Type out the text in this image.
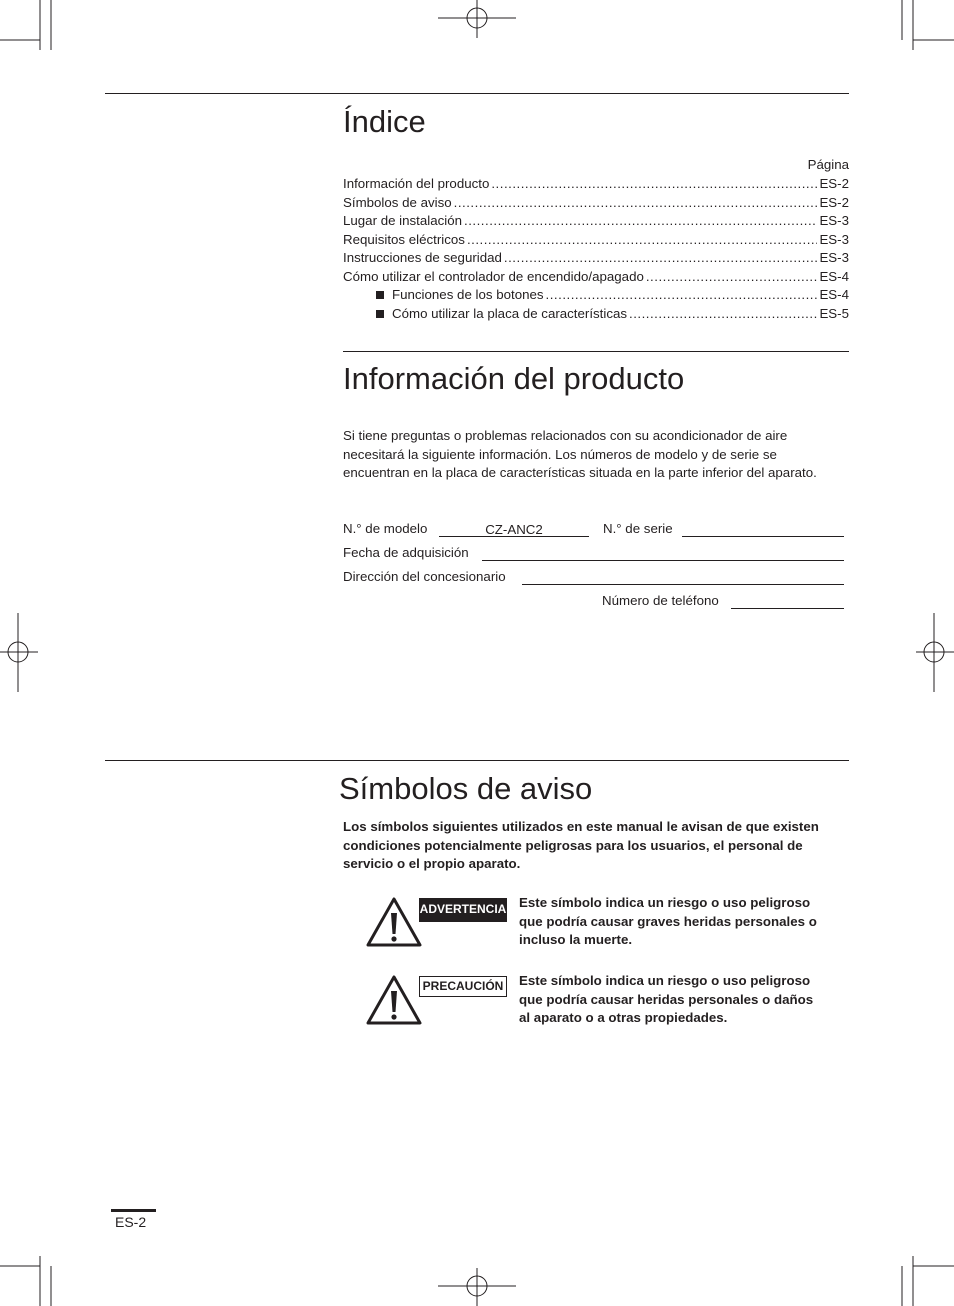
Índice
Página
Información del producto .....	ES-2
Símbolos de aviso .....	ES-2
Lugar de instalación .....	ES-3
Requisitos eléctricos .....	ES-3
Instrucciones de seguridad .....	ES-3
Cómo utilizar el controlador de encendido/apagado .....	ES-4
Funciones de los botones .....	ES-4
Cómo utilizar la placa de características .....	ES-5
Información del producto
Si tiene preguntas o problemas relacionados con su acondicionador de aire necesitará la siguiente información. Los números de modelo y de serie se encuentran en la placa de características situada en la parte inferior del aparato.
N.° de modelo	CZ-ANC2	N.° de serie
Fecha de adquisición
Dirección del concesionario
Número de teléfono
Símbolos de aviso
Los símbolos siguientes utilizados en este manual le avisan de que existen condiciones potencialmente peligrosas para los usuarios, el personal de servicio o el propio aparato.
ADVERTENCIA Este símbolo indica un riesgo o uso peligroso que podría causar graves heridas personales o incluso la muerte.
PRECAUCIÓN Este símbolo indica un riesgo o uso peligroso que podría causar heridas personales o daños al aparato o a otras propiedades.
ES-2
